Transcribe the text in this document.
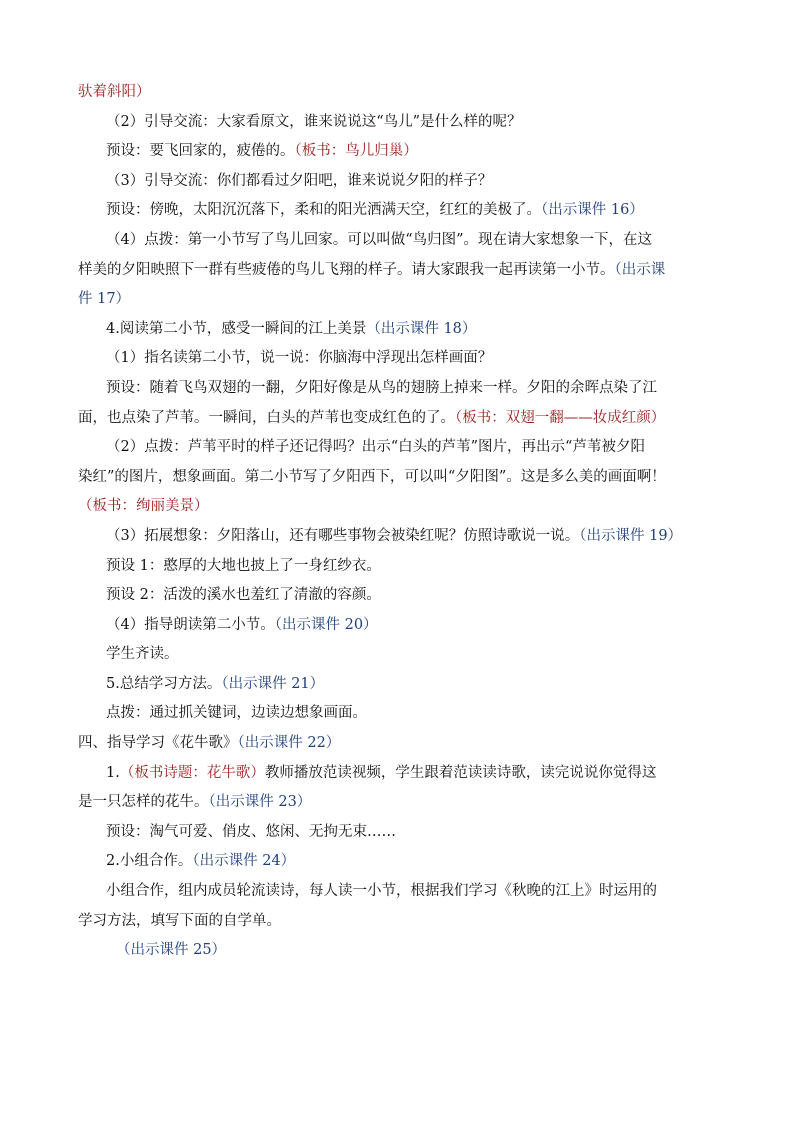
驮着斜阳）
（2）引导交流：大家看原文，谁来说说这“鸟儿”是什么样的呢？
预设：要飞回家的，疲倦的。（板书：鸟儿归巢）
（3）引导交流：你们都看过夕阳吧，谁来说说夕阳的样子？
预设：傍晚，太阳沉沉落下，柔和的阳光洒满天空，红红的美极了。（出示课件 16）
（4）点拨：第一小节写了鸟儿回家。可以叫做“鸟归图”。现在请大家想象一下，在这
样美的夕阳映照下一群有些疲倦的鸟儿飞翔的样子。请大家跟我一起再读第一小节。（出示课
件 17）
4.阅读第二小节，感受一瞬间的江上美景（出示课件 18）
（1）指名读第二小节，说一说：你脑海中浮现出怎样画面？
预设：随着飞鸟双翅的一翻，夕阳好像是从鸟的翅膀上掉来一样。夕阳的余晖点染了江
面，也点染了芦苇。一瞬间，白头的芦苇也变成红色的了。（板书：双翅一翻——妆成红颜）
（2）点拨：芦苇平时的样子还记得吗？出示“白头的芦苇”图片，再出示“芦苇被夕阳
染红”的图片，想象画面。第二小节写了夕阳西下，可以叫“夕阳图”。这是多么美的画面啊！
（板书：绚丽美景）
（3）拓展想象：夕阳落山，还有哪些事物会被染红呢？仿照诗歌说一说。（出示课件 19）
预设 1：憨厚的大地也披上了一身红纱衣。
预设 2：活泼的溪水也羞红了清澈的容颜。
（4）指导朗读第二小节。（出示课件 20）
学生齐读。
5.总结学习方法。（出示课件 21）
点拨：通过抓关键词，边读边想象画面。
四、指导学习《花牛歌》（出示课件 22）
1.（板书诗题：花牛歌）教师播放范读视频，学生跟着范读读诗歌，读完说说你觉得这
是一只怎样的花牛。（出示课件 23）
预设：淘气可爱、俏皮、悠闲、无拘无束……
2.小组合作。（出示课件 24）
小组合作，组内成员轮流读诗，每人读一小节，根据我们学习《秋晚的江上》时运用的
学习方法，填写下面的自学单。
（出示课件 25）
